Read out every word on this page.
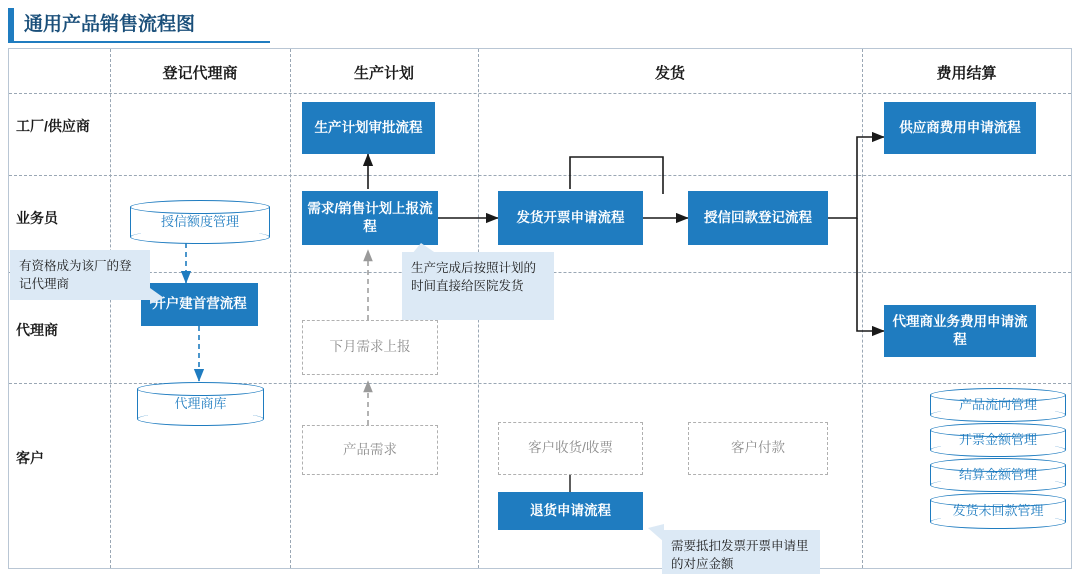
通用产品销售流程图
登记代理商	生产计划	发货	费用结算
工厂/供应商
业务员
代理商
客户
生产计划审批流程	供应商费用申请流程
需求/销售计划上报流程
发货开票申请流程	授信回款登记流程
开户建首营流程
代理商业务费用申请流程
退货申请流程
下月需求上报
产品需求	客户收货/收票	客户付款
授信额度管理
代理商库	产品流向管理
开票金额管理
结算金额管理
发货未回款管理
有资格成为该厂的登记代理商
生产完成后按照计划的时间直接给医院发货
需要抵扣发票开票申请里的对应金额
